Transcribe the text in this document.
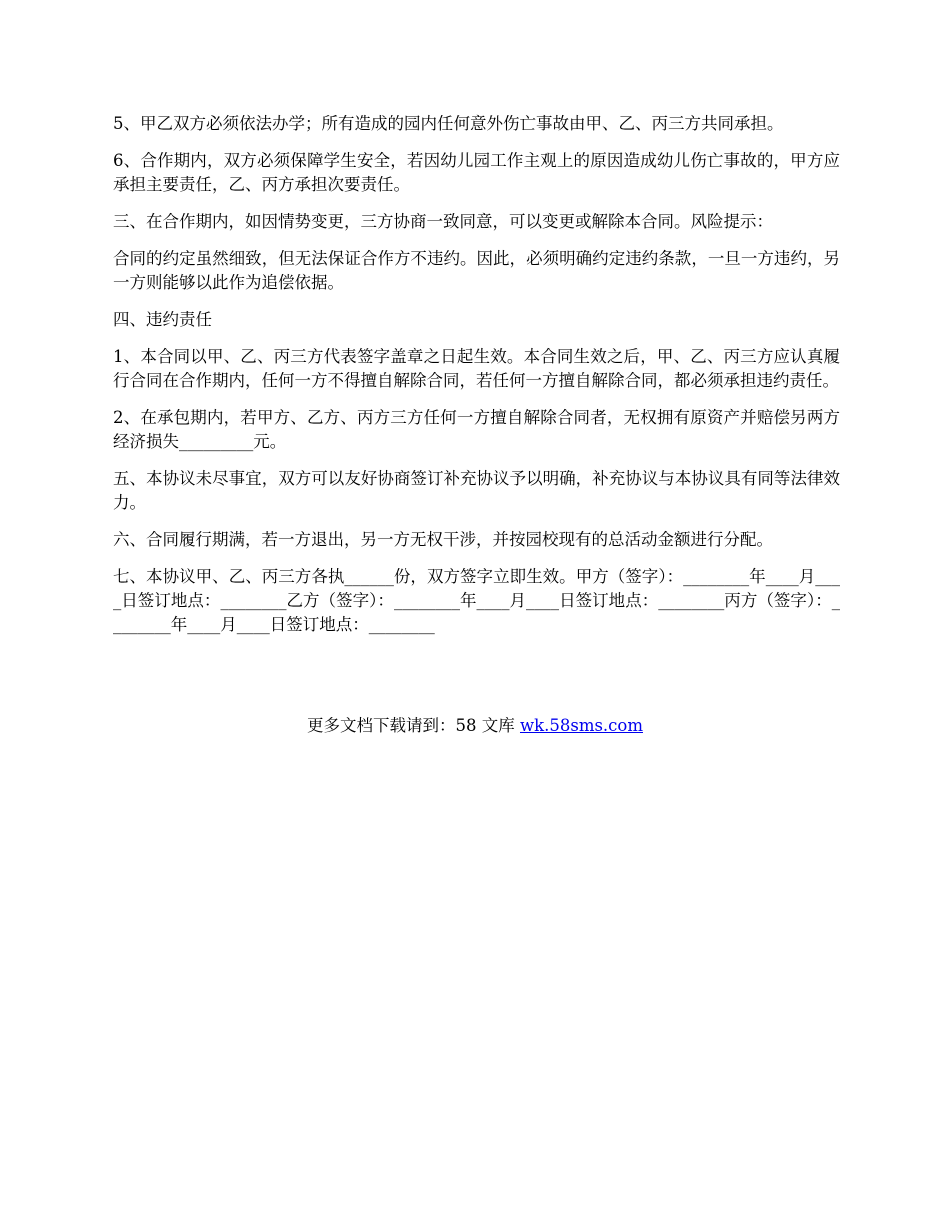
5、甲乙双方必须依法办学；所有造成的园内任何意外伤亡事故由甲、乙、丙三方共同承担。

6、合作期内，双方必须保障学生安全，若因幼儿园工作主观上的原因造成幼儿伤亡事故的，甲方应承担主要责任，乙、丙方承担次要责任。

三、在合作期内，如因情势变更，三方协商一致同意，可以变更或解除本合同。风险提示：

合同的约定虽然细致，但无法保证合作方不违约。因此，必须明确约定违约条款，一旦一方违约，另一方则能够以此作为追偿依据。

四、违约责任

1、本合同以甲、乙、丙三方代表签字盖章之日起生效。本合同生效之后，甲、乙、丙三方应认真履行合同在合作期内，任何一方不得擅自解除合同，若任何一方擅自解除合同，都必须承担违约责任。

2、在承包期内，若甲方、乙方、丙方三方任何一方擅自解除合同者，无权拥有原资产并赔偿另两方经济损失_________元。

五、本协议未尽事宜，双方可以友好协商签订补充协议予以明确，补充协议与本协议具有同等法律效力。

六、合同履行期满，若一方退出，另一方无权干涉，并按园校现有的总活动金额进行分配。

七、本协议甲、乙、丙三方各执______份，双方签字立即生效。甲方（签字）：________年____月____日签订地点：________乙方（签字）：________年____月____日签订地点：________丙方（签字）：________年____月____日签订地点：________

更多文档下载请到：58 文库 wk.58sms.com
